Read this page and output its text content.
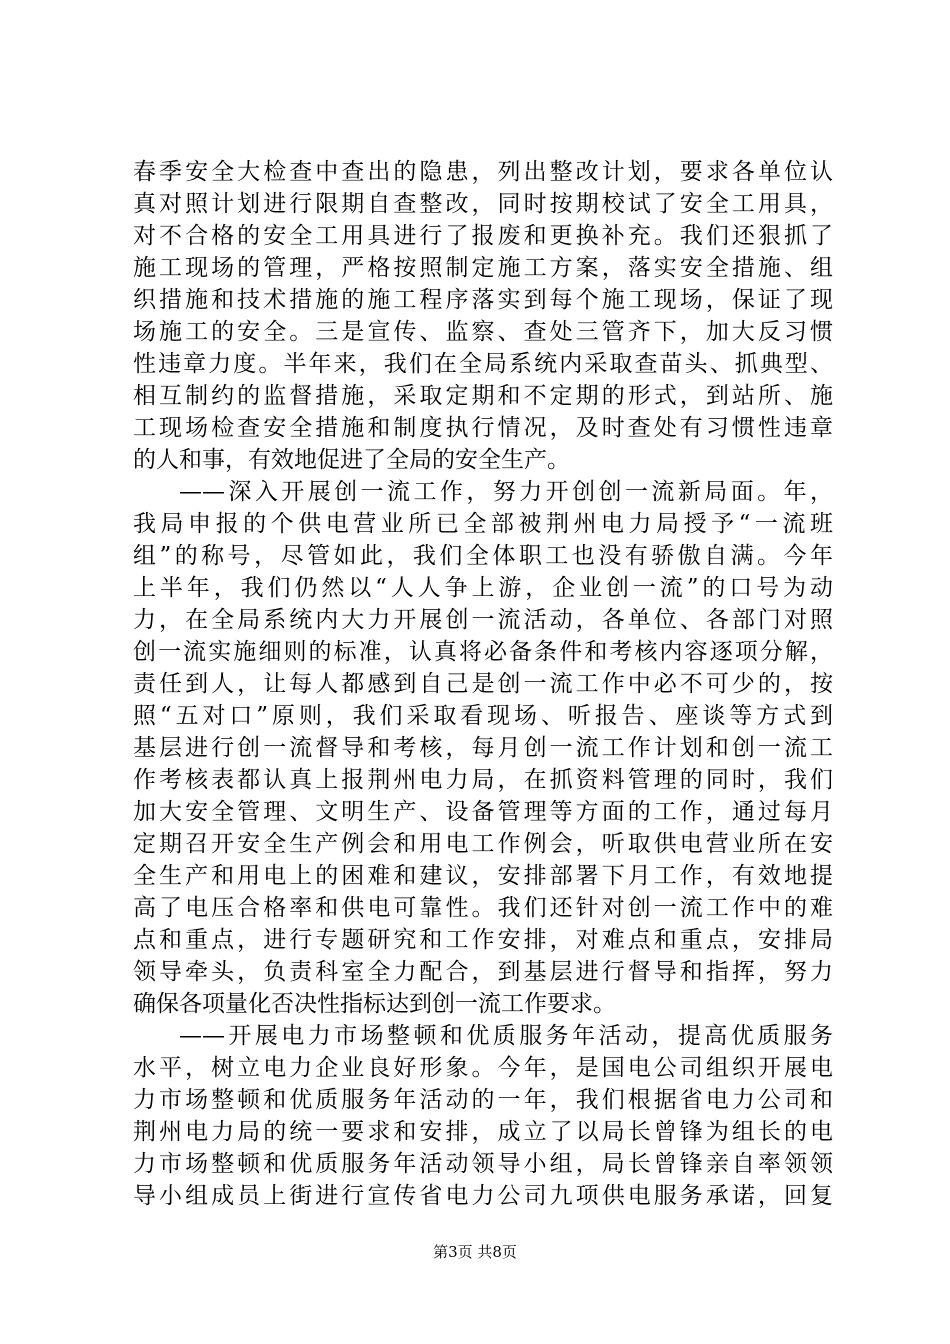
春季安全大检查中查出的隐患，列出整改计划，要求各单位认
真对照计划进行限期自查整改，同时按期校试了安全工用具，
对不合格的安全工用具进行了报废和更换补充。我们还狠抓了
施工现场的管理，严格按照制定施工方案，落实安全措施、组
织措施和技术措施的施工程序落实到每个施工现场，保证了现
场施工的安全。三是宣传、监察、查处三管齐下，加大反习惯
性违章力度。半年来，我们在全局系统内采取查苗头、抓典型、
相互制约的监督措施，采取定期和不定期的形式，到站所、施
工现场检查安全措施和制度执行情况，及时查处有习惯性违章
的人和事，有效地促进了全局的安全生产。
——深入开展创一流工作，努力开创创一流新局面。年，
我局申报的个供电营业所已全部被荆州电力局授予“一流班
组”的称号，尽管如此，我们全体职工也没有骄傲自满。今年
上半年，我们仍然以“人人争上游，企业创一流”的口号为动
力，在全局系统内大力开展创一流活动，各单位、各部门对照
创一流实施细则的标准，认真将必备条件和考核内容逐项分解，
责任到人，让每人都感到自己是创一流工作中必不可少的，按
照“五对口”原则，我们采取看现场、听报告、座谈等方式到
基层进行创一流督导和考核，每月创一流工作计划和创一流工
作考核表都认真上报荆州电力局，在抓资料管理的同时，我们
加大安全管理、文明生产、设备管理等方面的工作，通过每月
定期召开安全生产例会和用电工作例会，听取供电营业所在安
全生产和用电上的困难和建议，安排部署下月工作，有效地提
高了电压合格率和供电可靠性。我们还针对创一流工作中的难
点和重点，进行专题研究和工作安排，对难点和重点，安排局
领导牵头，负责科室全力配合，到基层进行督导和指挥，努力
确保各项量化否决性指标达到创一流工作要求。
——开展电力市场整顿和优质服务年活动，提高优质服务
水平，树立电力企业良好形象。今年，是国电公司组织开展电
力市场整顿和优质服务年活动的一年，我们根据省电力公司和
荆州电力局的统一要求和安排，成立了以局长曾锋为组长的电
力市场整顿和优质服务年活动领导小组，局长曾锋亲自率领领
导小组成员上街进行宣传省电力公司九项供电服务承诺，回复
第3页 共8页
